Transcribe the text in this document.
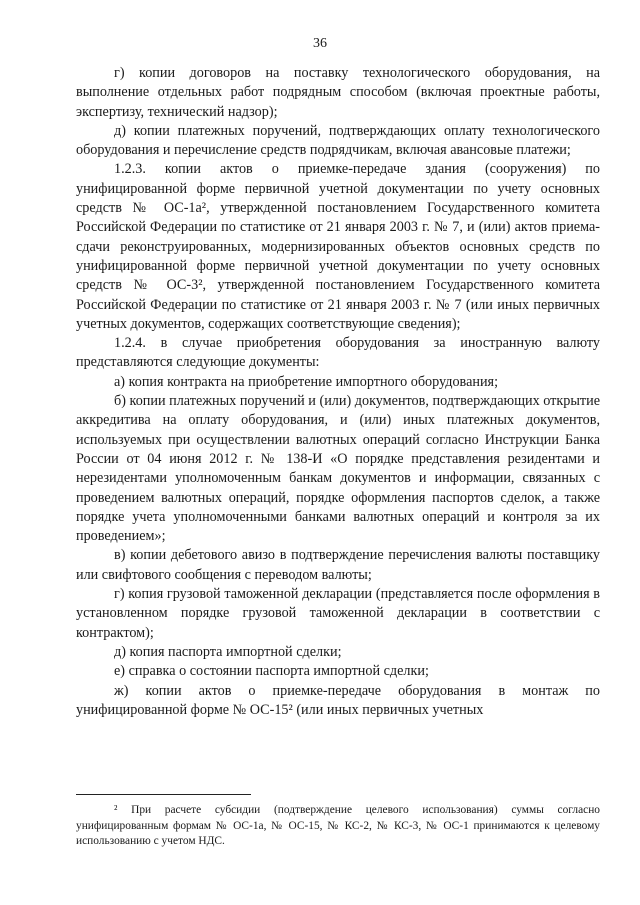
36

г) копии договоров на поставку технологического оборудования, на выполнение отдельных работ подрядным способом (включая проектные работы, экспертизу, технический надзор);

д) копии платежных поручений, подтверждающих оплату технологического оборудования и перечисление средств подрядчикам, включая авансовые платежи;

1.2.3. копии актов о приемке-передаче здания (сооружения) по унифицированной форме первичной учетной документации по учету основных средств № ОС-1а², утвержденной постановлением Государственного комитета Российской Федерации по статистике от 21 января 2003 г. № 7, и (или) актов приема-сдачи реконструированных, модернизированных объектов основных средств по унифицированной форме первичной учетной документации по учету основных средств № ОС-3², утвержденной постановлением Государственного комитета Российской Федерации по статистике от 21 января 2003 г. № 7 (или иных первичных учетных документов, содержащих соответствующие сведения);

1.2.4. в случае приобретения оборудования за иностранную валюту представляются следующие документы:

а) копия контракта на приобретение импортного оборудования;

б) копии платежных поручений и (или) документов, подтверждающих открытие аккредитива на оплату оборудования, и (или) иных платежных документов, используемых при осуществлении валютных операций согласно Инструкции Банка России от 04 июня 2012 г. № 138-И «О порядке представления резидентами и нерезидентами уполномоченным банкам документов и информации, связанных с проведением валютных операций, порядке оформления паспортов сделок, а также порядке учета уполномоченными банками валютных операций и контроля за их проведением»;

в) копии дебетового авизо в подтверждение перечисления валюты поставщику или свифтового сообщения с переводом валюты;

г) копия грузовой таможенной декларации (представляется после оформления в установленном порядке грузовой таможенной декларации в соответствии с контрактом);

д) копия паспорта импортной сделки;

е) справка о состоянии паспорта импортной сделки;

ж) копии актов о приемке-передаче оборудования в монтаж по унифицированной форме № ОС-15² (или иных первичных учетных

² При расчете субсидии (подтверждение целевого использования) суммы согласно унифицированным формам № ОС-1а, № ОС-15, № КС-2, № КС-3, № ОС-1 принимаются к целевому использованию с учетом НДС.
